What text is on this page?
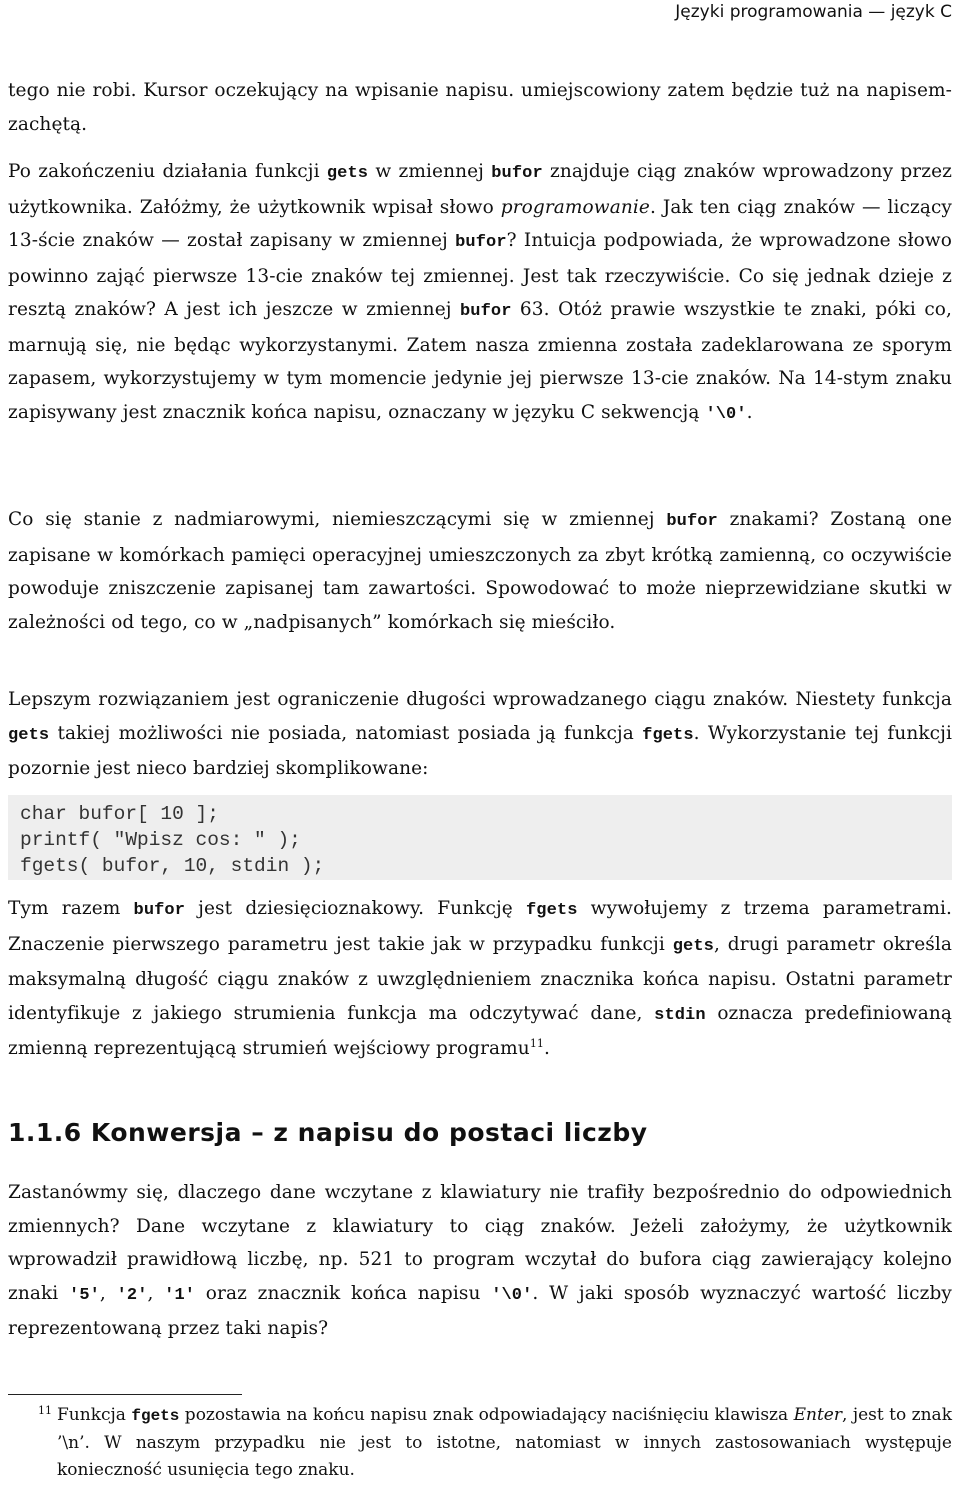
Języki programowania — język C

tego nie robi. Kursor oczekujący na wpisanie napisu. umiejscowiony zatem będzie tuż na napisem-zachętą.

Po zakończeniu działania funkcji gets w zmiennej bufor znajduje ciąg znaków wprowadzony przez użytkownika. Załóżmy, że użytkownik wpisał słowo programowanie. Jak ten ciąg znaków — liczący 13-ście znaków — został zapisany w zmiennej bufor? Intuicja podpowiada, że wprowadzone słowo powinno zająć pierwsze 13-cie znaków tej zmiennej. Jest tak rzeczywiście. Co się jednak dzieje z resztą znaków? A jest ich jeszcze w zmiennej bufor 63. Otóż prawie wszystkie te znaki, póki co, marnują się, nie będąc wykorzystanymi. Zatem nasza zmienna została zadeklarowana ze sporym zapasem, wykorzystujemy w tym momencie jedynie jej pierwsze 13-cie znaków. Na 14-stym znaku zapisywany jest znacznik końca napisu, oznaczany w języku C sekwencją '\0'.

Co się stanie z nadmiarowymi, niemieszczącymi się w zmiennej bufor znakami? Zostaną one zapisane w komórkach pamięci operacyjnej umieszczonych za zbyt krótką zamienną, co oczywiście powoduje zniszczenie zapisanej tam zawartości. Spowodować to może nieprzewidziane skutki w zależności od tego, co w „nadpisanych” komórkach się mieściło.

Lepszym rozwiązaniem jest ograniczenie długości wprowadzanego ciągu znaków. Niestety funkcja gets takiej możliwości nie posiada, natomiast posiada ją funkcja fgets. Wykorzystanie tej funkcji pozornie jest nieco bardziej skomplikowane:

char bufor[ 10 ];
printf( "Wpisz cos: " );
fgets( bufor, 10, stdin );

Tym razem bufor jest dziesięcioznakowy. Funkcję fgets wywołujemy z trzema parametrami. Znaczenie pierwszego parametru jest takie jak w przypadku funkcji gets, drugi parametr określa maksymalną długość ciągu znaków z uwzględnieniem znacznika końca napisu. Ostatni parametr identyfikuje z jakiego strumienia funkcja ma odczytywać dane, stdin oznacza predefiniowaną zmienną reprezentującą strumień wejściowy programu$^{11}$.

1.1.6 Konwersja – z napisu do postaci liczby

Zastanówmy się, dlaczego dane wczytane z klawiatury nie trafiły bezpośrednio do odpowiednich zmiennych? Dane wczytane z klawiatury to ciąg znaków. Jeżeli założymy, że użytkownik wprowadził prawidłową liczbę, np. 521 to program wczytał do bufora ciąg zawierający kolejno znaki '5', '2', '1' oraz znacznik końca napisu '\0'. W jaki sposób wyznaczyć wartość liczby reprezentowaną przez taki napis?

11 Funkcja fgets pozostawia na końcu napisu znak odpowiadający naciśnięciu klawisza Enter, jest to znak ’\n’. W naszym przypadku nie jest to istotne, natomiast w innych zastosowaniach występuje konieczność usunięcia tego znaku.
